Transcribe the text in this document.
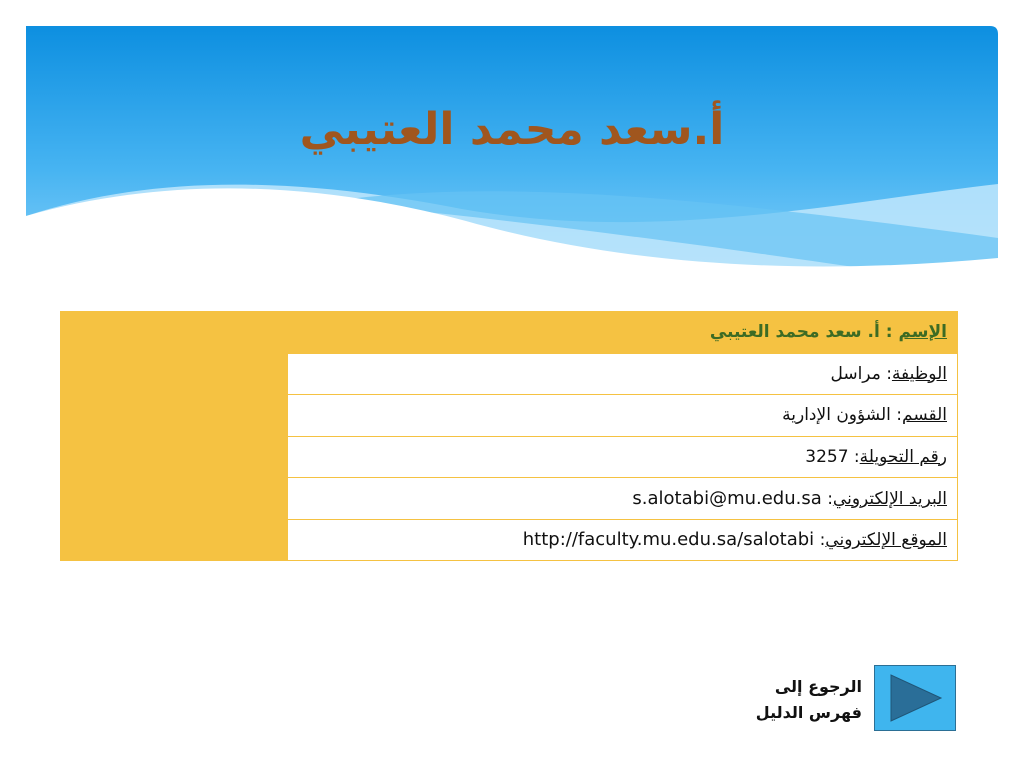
أ.سعد محمد العتيبي
الإسم : أ. سعد محمد العتيبي	
الوظيفة: مراسل
القسم: الشؤون الإدارية
رقم التحويلة: 3257
البريد الإلكتروني: s.alotabi@mu.edu.sa
الموقع الإلكتروني: http://faculty.mu.edu.sa/salotabi
الرجوع إلى
فهرس الدليل
